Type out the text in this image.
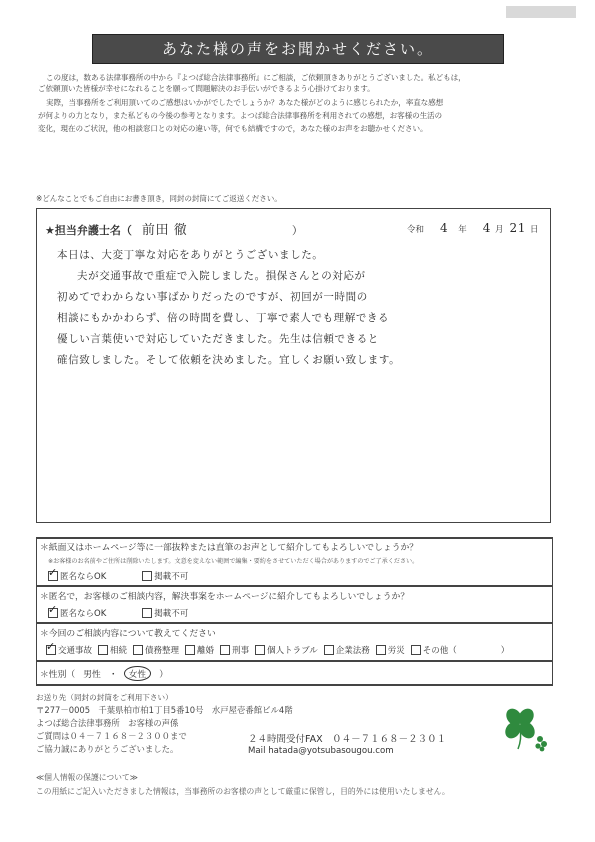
あなた様の声をお聞かせください。
この度は，数ある法律事務所の中から『よつば総合法律事務所』にご相談，ご依頼頂きありがとうございました。私どもは，
ご依頼頂いた皆様が幸せになれることを願って問題解決のお手伝いができるよう心掛けております。
実際，当事務所をご利用頂いてのご感想はいかがでしたでしょうか？あなた様がどのように感じられたか，率直な感想
が何よりの力となり，また私どもの今後の参考となります。よつば総合法律事務所を利用されての感想，お客様の生活の
変化，現在のご状況，他の相談窓口との対応の違い等，何でも結構ですので，あなた様のお声をお聴かせください。
※どんなことでもご自由にお書き頂き，同封の封筒にてご返送ください。
★担当弁護士名（ 前田 徹	）	令和 4 年 4 月 21 日
本日は、大変丁寧な対応をありがとうございました。
夫が交通事故で重症で入院しました。損保さんとの対応が
初めてでわからない事ばかりだったのですが、初回が一時間の
相談にもかかわらず、倍の時間を費し、丁寧で素人でも理解できる
優しい言葉使いで対応していただきました。先生は信頼できると
確信致しました。そして依頼を決めました。宜しくお願い致します。
＊紙面又はホームページ等に一部抜粋または直筆のお声として紹介してもよろしいでしょうか？
※お客様のお名前やご住所は削除いたします。文意を変えない範囲で編集・要約をさせていただく場合がありますのでご了承ください。
✓
匿名ならOK	掲載不可
＊匿名で，お客様のご相談内容，解決事案をホームページに紹介してもよろしいでしょうか？
✓
匿名ならOK	掲載不可
＊今回のご相談内容について教えてください
✓
交通事故 相続 債務整理 離婚 刑事 個人トラブル 企業法務 労災 その他（	）
＊性別（ 男性 ・	女性	）
お送り先（同封の封筒をご利用下さい）
〒277－0005　千葉県柏市柏1丁目5番10号　水戸屋壱番館ビル4階
よつば総合法律事務所　お客様の声係
ご質問は０４－７１６８－２３００まで
ご協力誠にありがとうございました。
２４時間受付FAX　０４－７１６８－２３０１
Mail hatada@yotsubasougou.com
≪個人情報の保護について≫
この用紙にご記入いただきました情報は，当事務所のお客様の声として厳重に保管し，目的外には使用いたしません。
